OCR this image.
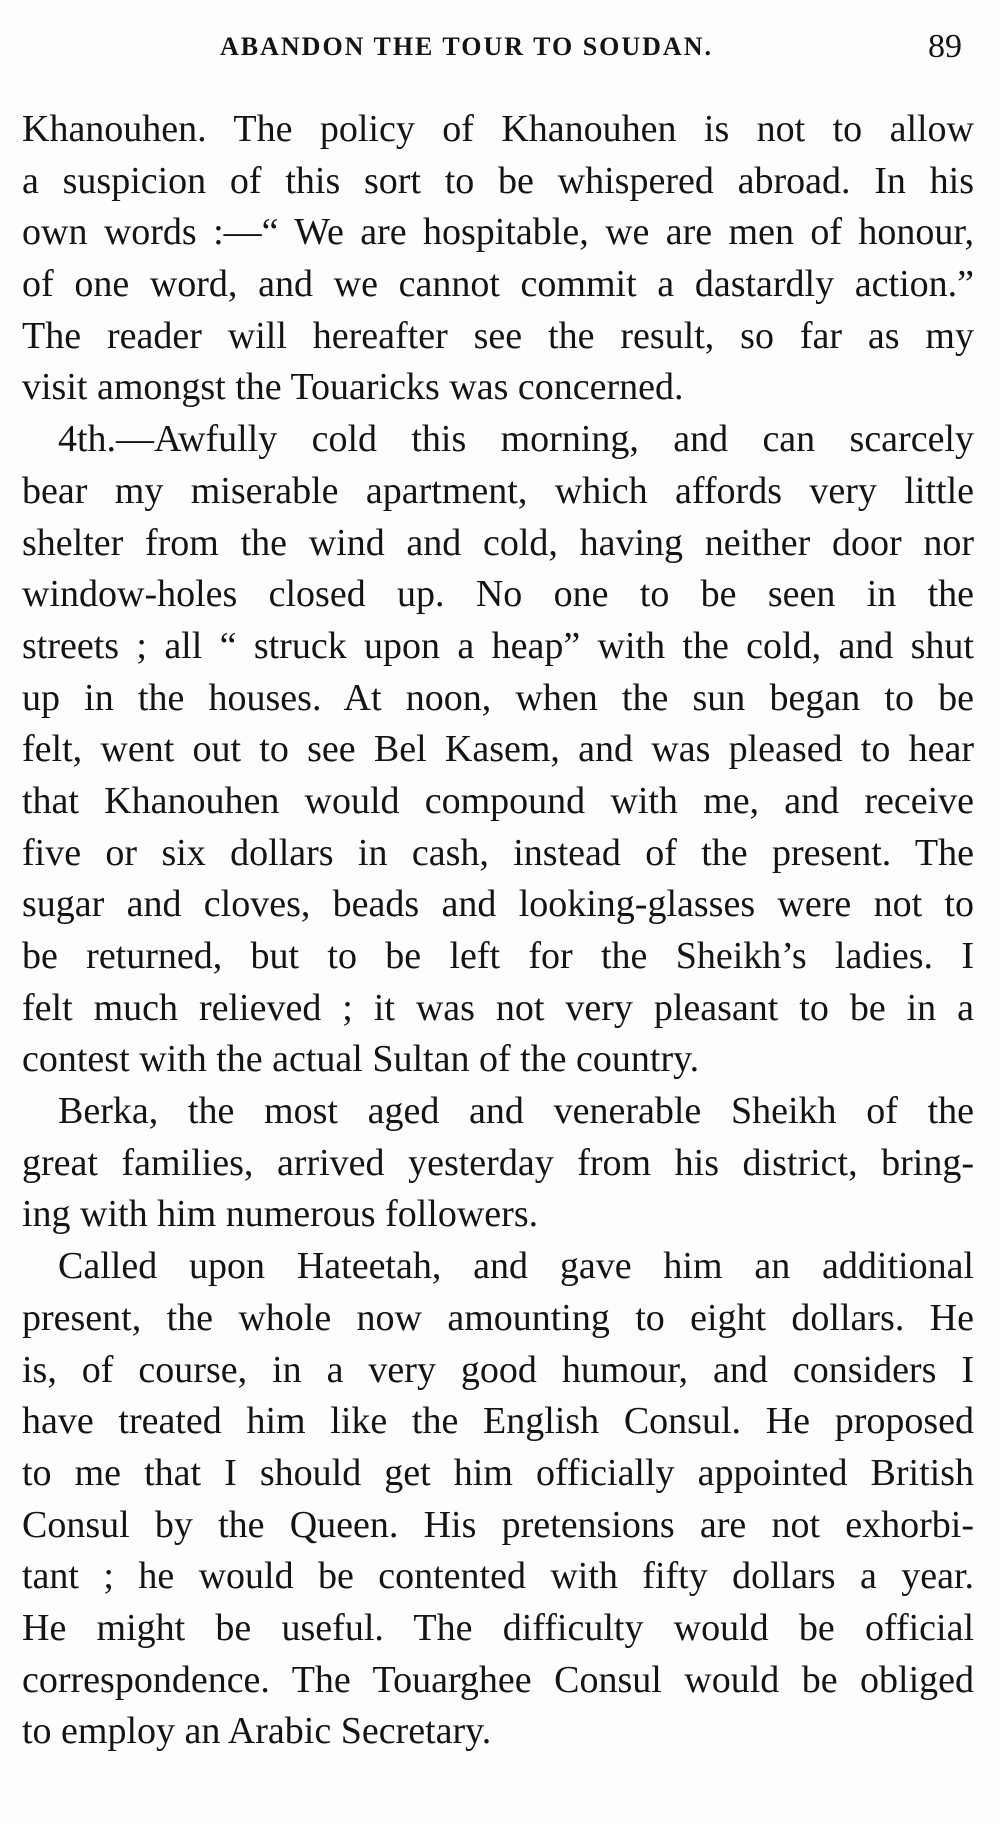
ABANDON THE TOUR TO SOUDAN.	89
Khanouhen. The policy of Khanouhen is not to allow
a suspicion of this sort to be whispered abroad. In his
own words :—“ We are hospitable, we are men of honour,
of one word, and we cannot commit a dastardly action.”
The reader will hereafter see the result, so far as my
visit amongst the Touaricks was concerned.
4th.—Awfully cold this morning, and can scarcely
bear my miserable apartment, which affords very little
shelter from the wind and cold, having neither door nor
window-holes closed up. No one to be seen in the
streets ; all “ struck upon a heap” with the cold, and shut
up in the houses. At noon, when the sun began to be
felt, went out to see Bel Kasem, and was pleased to hear
that Khanouhen would compound with me, and receive
five or six dollars in cash, instead of the present. The
sugar and cloves, beads and looking-glasses were not to
be returned, but to be left for the Sheikh’s ladies. I
felt much relieved ; it was not very pleasant to be in a
contest with the actual Sultan of the country.
Berka, the most aged and venerable Sheikh of the
great families, arrived yesterday from his district, bring-
ing with him numerous followers.
Called upon Hateetah, and gave him an additional
present, the whole now amounting to eight dollars. He
is, of course, in a very good humour, and considers I
have treated him like the English Consul. He proposed
to me that I should get him officially appointed British
Consul by the Queen. His pretensions are not exhorbi-
tant ; he would be contented with fifty dollars a year.
He might be useful. The difficulty would be official
correspondence. The Touarghee Consul would be obliged
to employ an Arabic Secretary.
